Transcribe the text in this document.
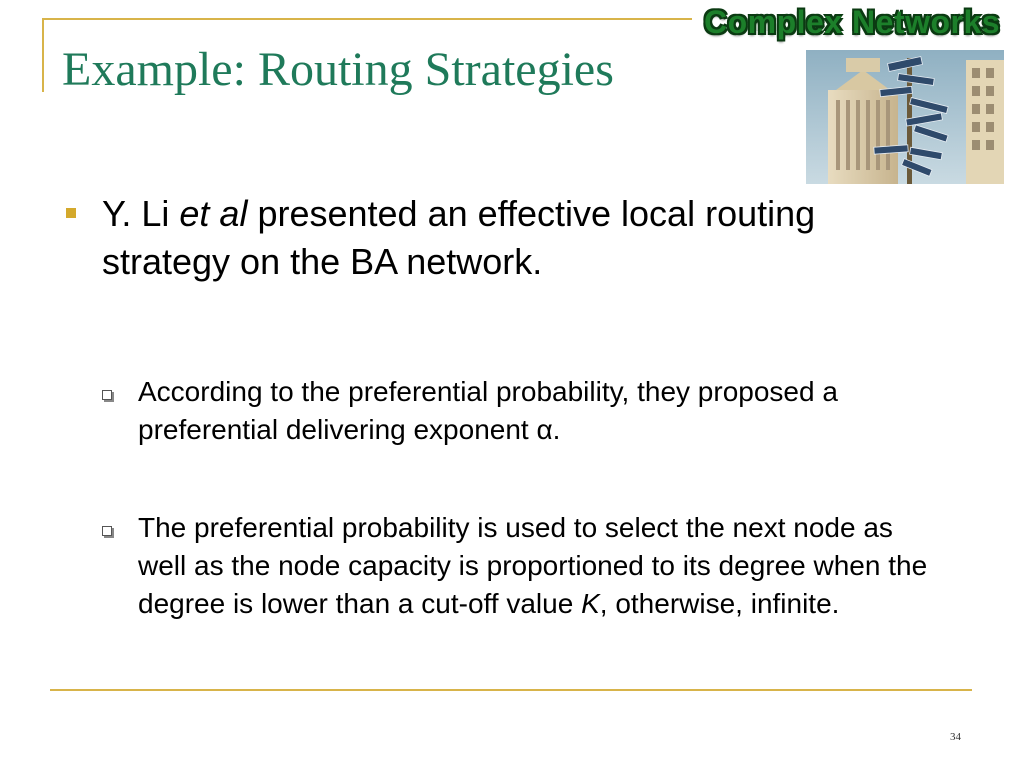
Example: Routing Strategies
Complex Networks
Y. Li et al presented an effective local routing strategy on the BA network.
According to the preferential probability, they proposed a preferential delivering exponent α.
The preferential probability is used to select the next node as well as the node capacity is proportioned to its degree when the degree is lower than a cut-off value K, otherwise, infinite.
34
